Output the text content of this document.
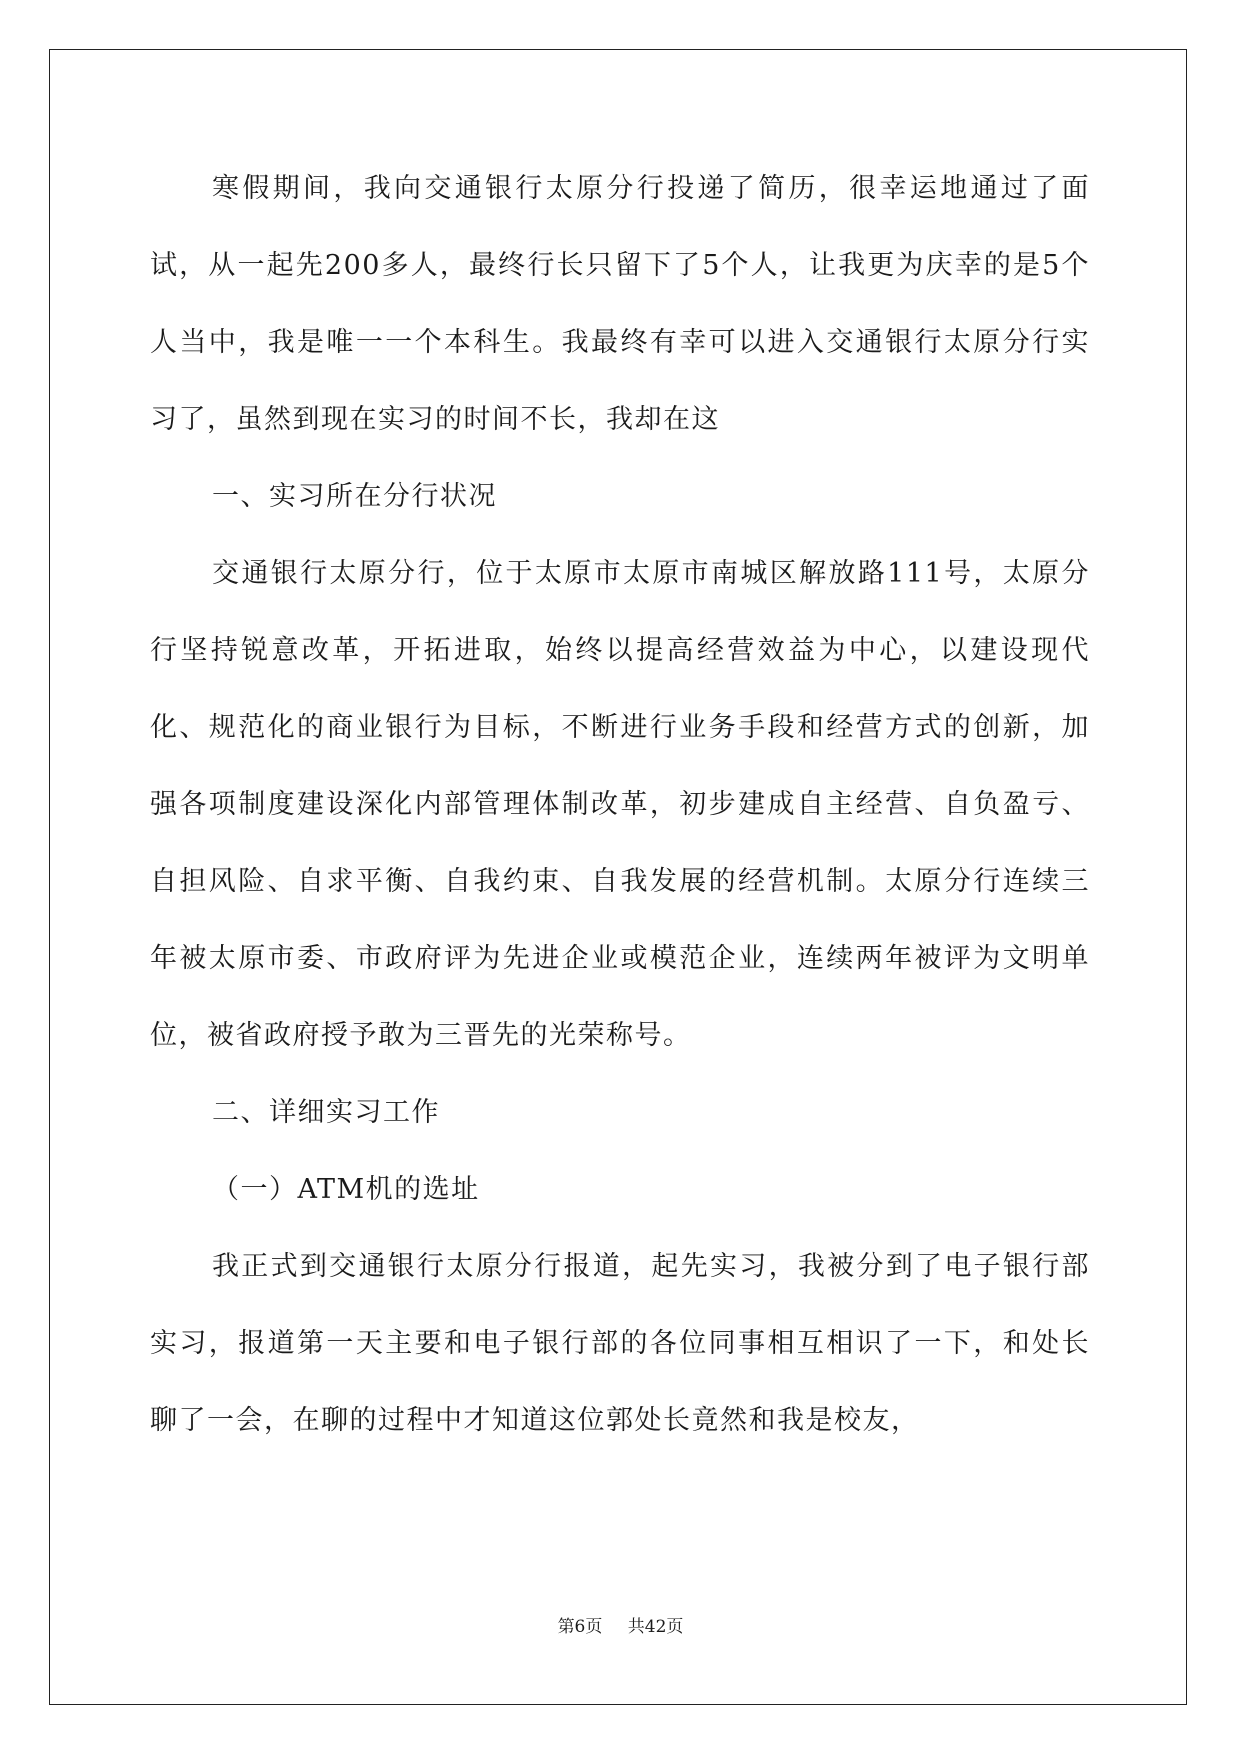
寒假期间，我向交通银行太原分行投递了简历，很幸运地通过了面试，从一起先200多人，最终行长只留下了5个人，让我更为庆幸的是5个人当中，我是唯一一个本科生。我最终有幸可以进入交通银行太原分行实习了，虽然到现在实习的时间不长，我却在这

一、实习所在分行状况

交通银行太原分行，位于太原市太原市南城区解放路111号，太原分行坚持锐意改革，开拓进取，始终以提高经营效益为中心，以建设现代化、规范化的商业银行为目标，不断进行业务手段和经营方式的创新，加强各项制度建设深化内部管理体制改革，初步建成自主经营、自负盈亏、自担风险、自求平衡、自我约束、自我发展的经营机制。太原分行连续三年被太原市委、市政府评为先进企业或模范企业，连续两年被评为文明单位，被省政府授予敢为三晋先的光荣称号。

二、详细实习工作

（一）ATM机的选址

我正式到交通银行太原分行报道，起先实习，我被分到了电子银行部实习，报道第一天主要和电子银行部的各位同事相互相识了一下，和处长聊了一会，在聊的过程中才知道这位郭处长竟然和我是校友，

第6页 共42页
